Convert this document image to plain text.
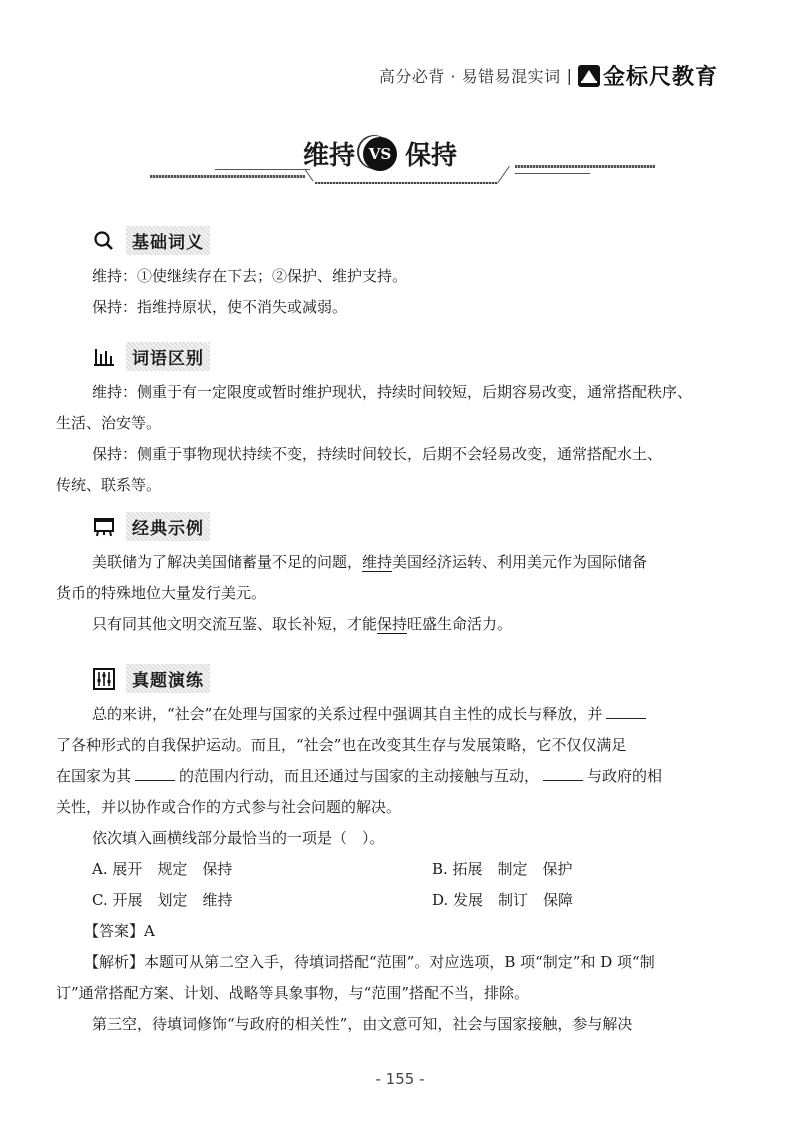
高分必背 · 易错易混实词 | 金标尺教育
维持 VS 保持
基础词义

维持：①使继续存在下去；②保护、维护支持。

保持：指维持原状，使不消失或减弱。

词语区别

维持：侧重于有一定限度或暂时维护现状，持续时间较短，后期容易改变，通常搭配秩序、

生活、治安等。

保持：侧重于事物现状持续不变，持续时间较长，后期不会轻易改变，通常搭配水土、

传统、联系等。

经典示例

美联储为了解决美国储蓄量不足的问题，维持美国经济运转、利用美元作为国际储备

货币的特殊地位大量发行美元。

只有同其他文明交流互鉴、取长补短，才能保持旺盛生命活力。

真题演练

总的来讲，“社会”在处理与国家的关系过程中强调其自主性的成长与释放，并

了各种形式的自我保护运动。而且，“社会”也在改变其生存与发展策略，它不仅仅满足

在国家为其	的范围内行动，而且还通过与国家的主动接触与互动，	与政府的相

关性，并以协作或合作的方式参与社会问题的解决。

依次填入画横线部分最恰当的一项是（　）。

A. 展开　规定　保持	B. 拓展　制定　保护
C. 开展　划定　维持	D. 发展　制订　保障

【答案】A

【解析】本题可从第二空入手，待填词搭配“范围”。对应选项，B 项“制定”和 D 项“制

订”通常搭配方案、计划、战略等具象事物，与“范围”搭配不当，排除。

第三空，待填词修饰“与政府的相关性”，由文意可知，社会与国家接触，参与解决

- 155 -
